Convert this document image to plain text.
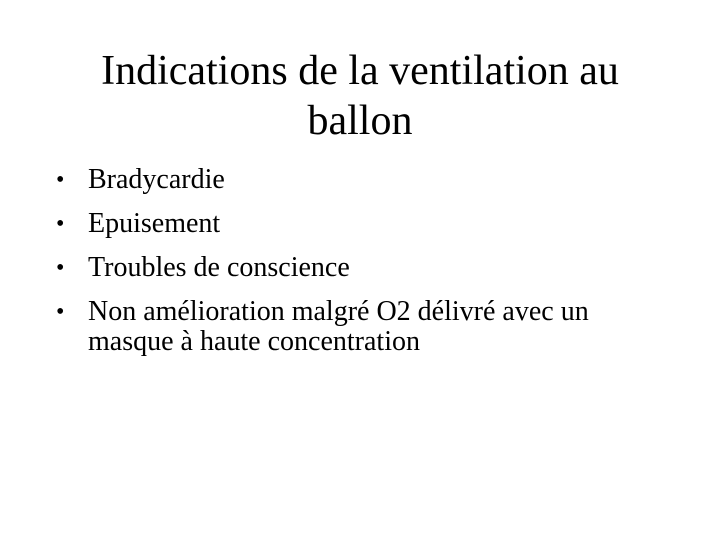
Indications de la ventilation au ballon
• Bradycardie
• Epuisement
• Troubles de conscience
• Non amélioration malgré O2 délivré avec un masque à haute concentration
